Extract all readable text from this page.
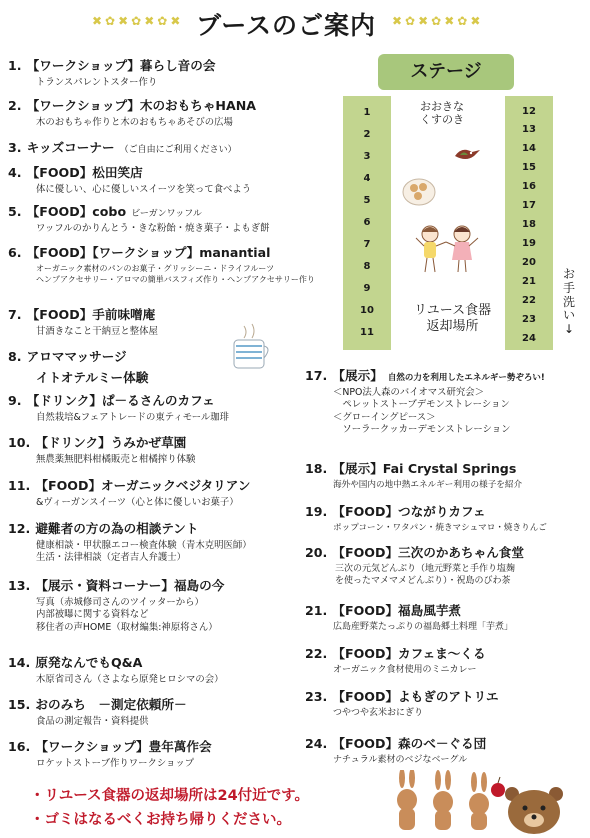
✖✿✖✿✖✿✖ ブースのご案内 ✖✿✖✿✖✿✖
1. 【ワークショップ】暮らし音の会
トランスパレントスター作り
2. 【ワークショップ】木のおもちゃHANA
木のおもちゃ作りと木のおもちゃあそびの広場
3. キッズコーナー （ご自由にご利用ください）
4. 【FOOD】松田笑店
体に優しい、心に優しいスイーツを笑って食べよう
5. 【FOOD】cobo ビーガンワッフル
ワッフルのかりんとう・きな粉飴・焼き菓子・よもぎ餅
6. 【FOOD】【ワークショップ】manantial
オーガニック素材のパンのお菓子・グリッシーニ・ドライフルーツ
ヘンプアクセサリー・アロマの簡単バスフィズ作り・ヘンプアクセサリー作り
7. 【FOOD】手前味噌庵
甘酒きなこと干納豆と整体屋
8. アロママッサージ
イトオテルミー体験
9. 【ドリンク】ぱ－るさんのカフェ
自然栽培&フェアトレードの東ティモール珈琲
10. 【ドリンク】うみかぜ草園
無農薬無肥料柑橘販売と柑橘搾り体験
11. 【FOOD】オーガニックベジタリアン
&ヴィーガンスイーツ（心と体に優しいお菓子）
12. 避難者の方の為の相談テント
健康相談・甲状腺エコー検査体験（青木克明医師）
生活・法律相談（定者吉人弁護士）
13. 【展示・資料コーナー】福島の今
写真（赤城修司さんのツイッターから）
内部被曝に関する資料など
移住者の声HOME（取材編集:神原将さん）
14. 原発なんでもQ&A
木原省司さん（さよなら原発ヒロシマの会）
15. おのみち　－測定依頼所－
食品の測定報告・資料提供
16. 【ワークショップ】豊年萬作会
ロケットストーブ作りワークショップ
17. 【展示】 自然の力を利用したエネルギー勢ぞろい!
＜NPO法人森のバイオマス研究会＞
　ペレットストーブデモンストレーション
＜グローイングピース＞
　ソーラークッカーデモンストレーション
18. 【展示】Fai Crystal Springs
海外や国内の地中熱エネルギー利用の様子を紹介
19. 【FOOD】つながりカフェ
ポップコーン・ワタパン・焼きマシュマロ・焼きりんご
20. 【FOOD】三次のかあちゃん食堂
三次の元気どんぶり（地元野菜と手作り塩麹
を使ったマメマメどんぶり）・祝島のびわ茶
21. 【FOOD】福島風芋煮
広島産野菜たっぷりの福島郷土料理「芋煮」
22. 【FOOD】カフェま～くる
オーガニック食材使用のミニカレー
23. 【FOOD】よもぎのアトリエ
つやつや玄米おにぎり
24. 【FOOD】森のべ－ぐる団
ナチュラル素材のベジなベーグル
ステージ
1
2
3
4
5
6
7
8
9
10
11
12
13
14
15
16
17
18
19
20
21
22
23
24
おおきな
くすのき
リユース食器
返却場所
お手洗い↓
・リユース食器の返却場所は24付近です。
・ゴミはなるべくお持ち帰りください。
